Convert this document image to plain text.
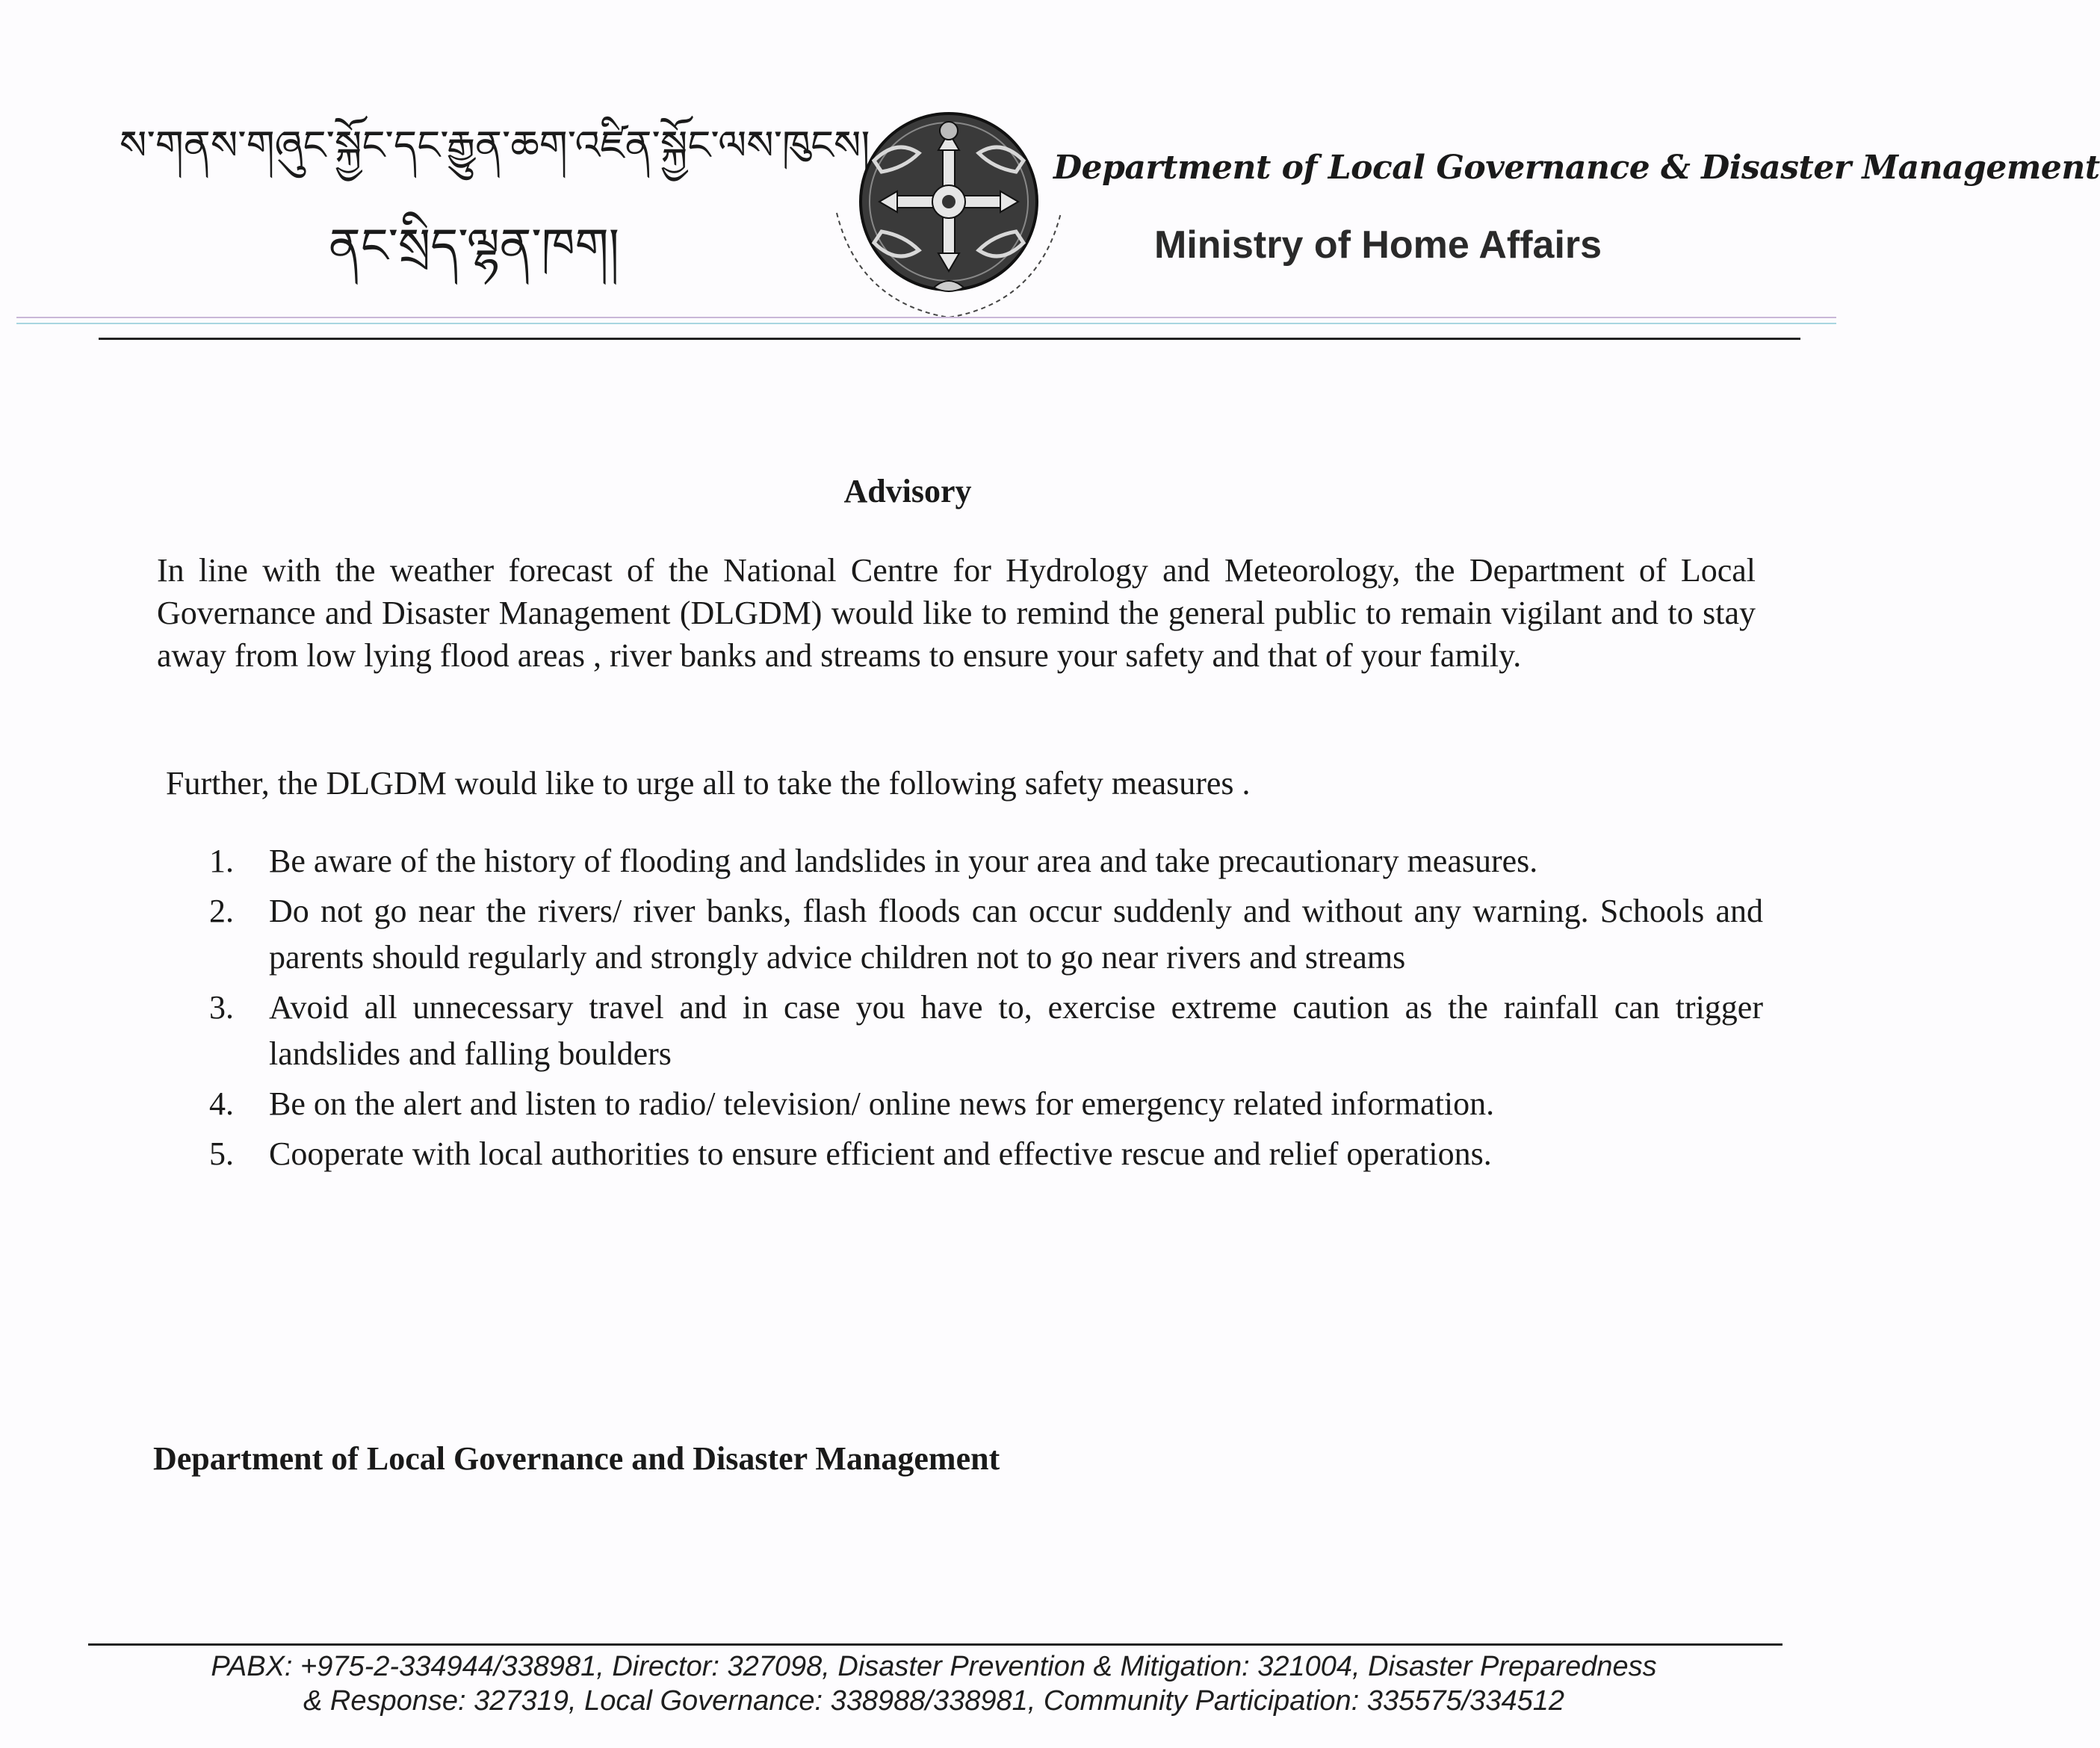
ས་གནས་གཞུང་སྐྱོང་དང་རྒྱུན་ཆག་འཛིན་སྐྱོང་ལས་ཁུངས།
ནང་སྲིད་ལྷན་ཁག།
Department of Local Governance & Disaster Management
Ministry of Home Affairs
Advisory
In line with the weather forecast of the National Centre for Hydrology and Meteorology, the Department of Local Governance and Disaster Management (DLGDM) would like to remind the general public to remain vigilant and to stay away from low lying flood areas , river banks and streams to ensure your safety and that of your family.
Further, the DLGDM would like to urge all to take the following safety measures .
1.	Be aware of the history of flooding and landslides in your area and take precautionary measures.
2.	Do not go near the rivers/ river banks, flash floods can occur suddenly and without any warning. Schools and parents should regularly and strongly advice children not to go near rivers and streams
3.	Avoid all unnecessary travel and in case you have to, exercise extreme caution as the rainfall can trigger landslides and falling boulders
4.	Be on the alert and listen to radio/ television/ online news for emergency related information.
5.	Cooperate with local authorities to ensure efficient and effective rescue and relief operations.
Department of Local Governance and Disaster Management
PABX: +975-2-334944/338981, Director: 327098, Disaster Prevention & Mitigation: 321004, Disaster Preparedness
& Response: 327319, Local Governance: 338988/338981, Community Participation: 335575/334512
